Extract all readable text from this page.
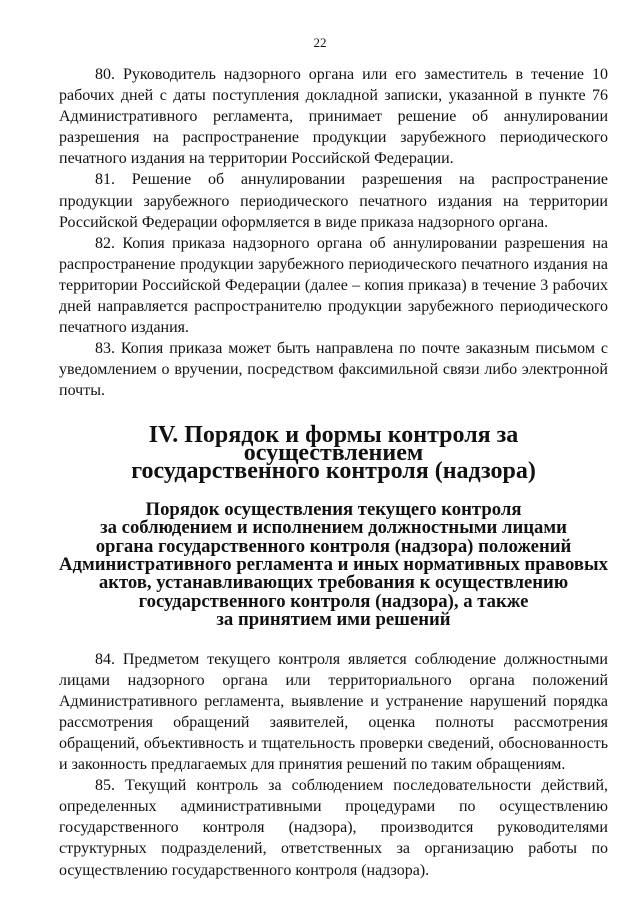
22

80. Руководитель надзорного органа или его заместитель в течение 10 рабочих дней с даты поступления докладной записки, указанной в пункте 76 Административного регламента, принимает решение об аннулировании разрешения на распространение продукции зарубежного периодического печатного издания на территории Российской Федерации.

81. Решение об аннулировании разрешения на распространение продукции зарубежного периодического печатного издания на территории Российской Федерации оформляется в виде приказа надзорного органа.

82. Копия приказа надзорного органа об аннулировании разрешения на распространение продукции зарубежного периодического печатного издания на территории Российской Федерации (далее – копия приказа) в течение 3 рабочих дней направляется распространителю продукции зарубежного периодического печатного издания.

83. Копия приказа может быть направлена по почте заказным письмом с уведомлением о вручении, посредством факсимильной связи либо электронной почты.

IV. Порядок и формы контроля за осуществлением
государственного контроля (надзора)
Порядок осуществления текущего контроля
за соблюдением и исполнением должностными лицами
органа государственного контроля (надзора) положений
Административного регламента и иных нормативных правовых
актов, устанавливающих требования к осуществлению
государственного контроля (надзора), а также
за принятием ими решений

84. Предметом текущего контроля является соблюдение должностными лицами надзорного органа или территориального органа положений Административного регламента, выявление и устранение нарушений порядка рассмотрения обращений заявителей, оценка полноты рассмотрения обращений, объективность и тщательность проверки сведений, обоснованность и законность предлагаемых для принятия решений по таким обращениям.

85. Текущий контроль за соблюдением последовательности действий, определенных административными процедурами по осуществлению государственного контроля (надзора), производится руководителями структурных подразделений, ответственных за организацию работы по осуществлению государственного контроля (надзора).
